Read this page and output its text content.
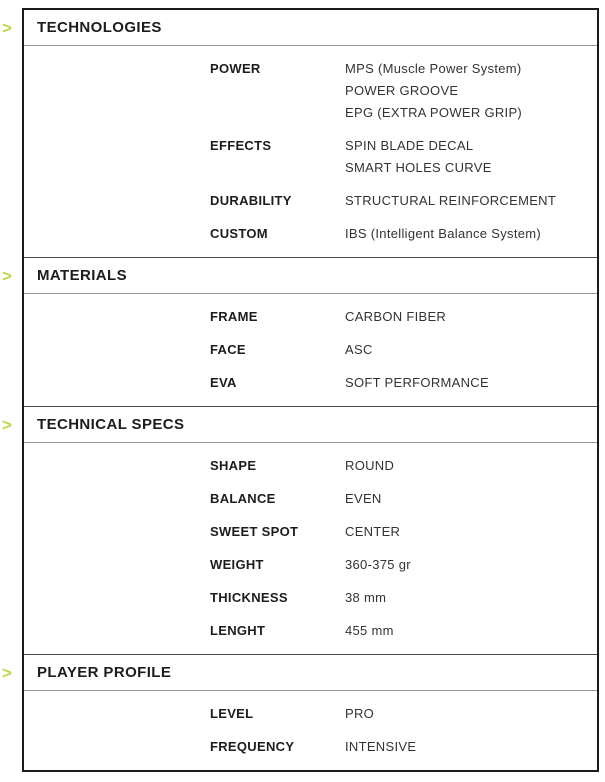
> TECHNOLOGIES
POWER	MPS (Muscle Power System)
POWER GROOVE
EPG (EXTRA POWER GRIP)
EFFECTS	SPIN BLADE DECAL
SMART HOLES CURVE
DURABILITY	STRUCTURAL REINFORCEMENT
CUSTOM	IBS (Intelligent Balance System)
> MATERIALS
FRAME	CARBON FIBER
FACE	ASC
EVA	SOFT PERFORMANCE
> TECHNICAL SPECS
SHAPE	ROUND
BALANCE	EVEN
SWEET SPOT	CENTER
WEIGHT	360-375 gr
THICKNESS	38 mm
LENGHT	455 mm
> PLAYER PROFILE
LEVEL	PRO
FREQUENCY	INTENSIVE
